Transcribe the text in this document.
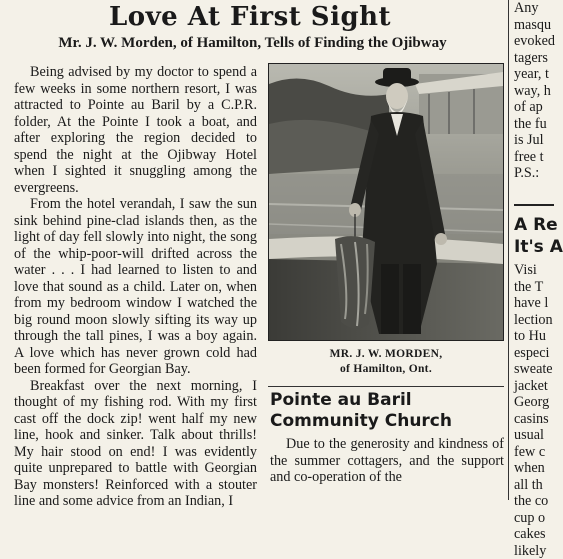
Love At First Sight
Mr. J. W. Morden, of Hamilton, Tells of Finding the Ojibway

Being advised by my doctor to spend a few weeks in some northern resort, I was attracted to Pointe au Baril by a C.P.R. folder, At the Pointe I took a boat, and after exploring the region decided to spend the night at the Ojibway Hotel when I sighted it snuggling among the evergreens.

From the hotel verandah, I saw the sun sink behind pine-clad islands then, as the light of day fell slowly into night, the song of the whip-poor-will drifted across the water . . . I had learned to listen to and love that sound as a child. Later on, when from my bedroom window I watched the big round moon slowly sifting its way up through the tall pines, I was a boy again. A love which has never grown cold had been formed for Georgian Bay.

Breakfast over the next morning, I thought of my fishing rod. With my first cast off the dock zip! went half my new line, hook and sinker. Talk about thrills! My hair stood on end! I was evidently quite unprepared to battle with Georgian Bay monsters! Reinforced with a stouter line and some advice from an Indian, I

MR. J. W. MORDEN,
of Hamilton, Ont.
Pointe au Baril Community Church
Due to the generosity and kindness of the summer cottagers, and the support and co-operation of the
Any
masqu
evoked
tagers
year, t
way, h
of ap
the fu
is Jul
free t
P.S.:
A Re
It's A
Visi
the T
have l
lection
to Hu
especi
sweate
jacket
Georg
casins
usual
few c
when
all th
the co
cup o
cakes
likely
